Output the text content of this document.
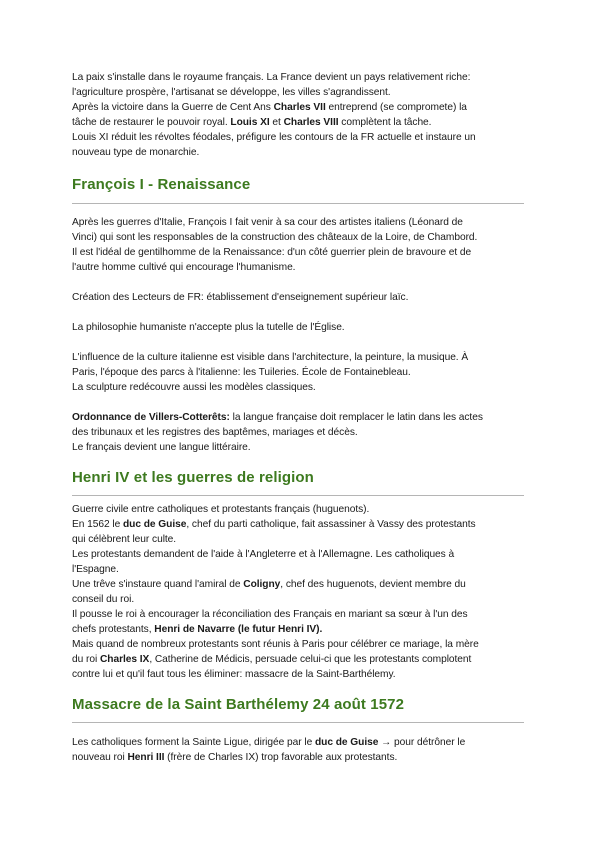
La paix s'installe dans le royaume français. La France devient un pays relativement riche:

l'agriculture prospère, l'artisanat se développe, les villes s'agrandissent.

Après la victoire dans la Guerre de Cent Ans Charles VII entreprend (se compromete) la

tâche de restaurer le pouvoir royal. Louis XI et Charles VIII complètent la tâche.

Louis XI réduit les révoltes féodales, préfigure les contours de la FR actuelle et instaure un

nouveau type de monarchie.

François I - Renaissance

Après les guerres d'Italie, François I fait venir à sa cour des artistes italiens (Léonard de

Vinci) qui sont les responsables de la construction des châteaux de la Loire, de Chambord.

Il est l'idéal de gentilhomme de la Renaissance: d'un côté guerrier plein de bravoure et de

l'autre homme cultivé qui encourage l'humanisme.

Création des Lecteurs de FR: établissement d'enseignement supérieur laïc.

La philosophie humaniste n'accepte plus la tutelle de l'Église.

L'influence de la culture italienne est visible dans l'architecture, la peinture, la musique. À

Paris, l'époque des parcs à l'italienne: les Tuileries. École de Fontainebleau.

La sculpture redécouvre aussi les modèles classiques.

Ordonnance de Villers-Cotterêts: la langue française doit remplacer le latin dans les actes

des tribunaux et les registres des baptêmes, mariages et décès.

Le français devient une langue littéraire.

Henri IV et les guerres de religion

Guerre civile entre catholiques et protestants français (huguenots).

En 1562 le duc de Guise, chef du parti catholique, fait assassiner à Vassy des protestants

qui célèbrent leur culte.

Les protestants demandent de l'aide à l'Angleterre et à l'Allemagne. Les catholiques à

l'Espagne.

Une trêve s'instaure quand l'amiral de Coligny, chef des huguenots, devient membre du

conseil du roi.

Il pousse le roi à encourager la réconciliation des Français en mariant sa sœur à l'un des

chefs protestants, Henri de Navarre (le futur Henri IV).

Mais quand de nombreux protestants sont réunis à Paris pour célébrer ce mariage, la mère

du roi Charles IX, Catherine de Médicis, persuade celui-ci que les protestants complotent

contre lui et qu'il faut tous les éliminer: massacre de la Saint-Barthélemy.

Massacre de la Saint Barthélemy 24 août 1572

Les catholiques forment la Sainte Ligue, dirigée par le duc de Guise → pour détrôner le

nouveau roi Henri III (frère de Charles IX) trop favorable aux protestants.
